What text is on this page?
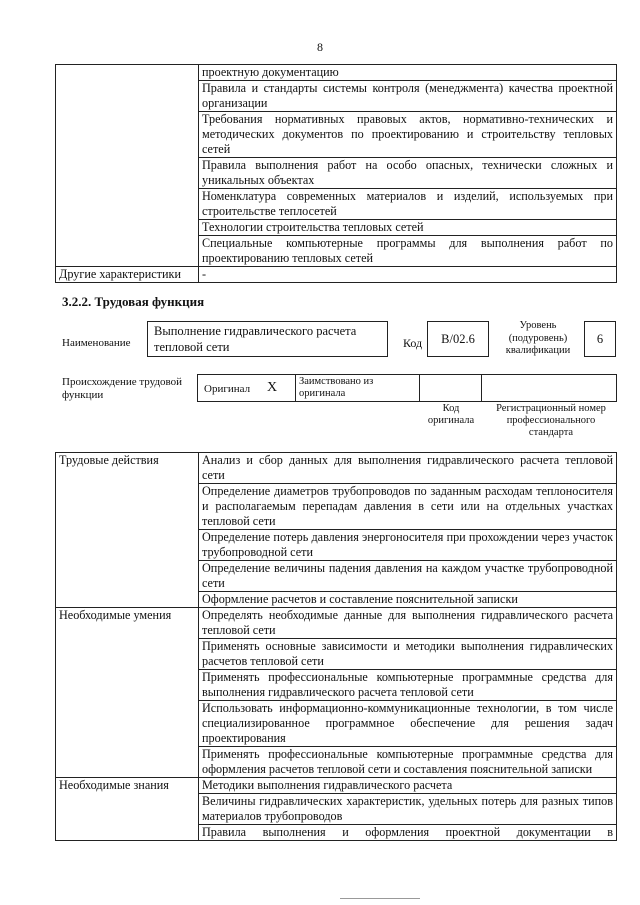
8
	проектную документацию
	Правила и стандарты системы контроля (менеджмента) качества проектной организации
	Требования нормативных правовых актов, нормативно-технических и методических документов по проектированию и строительству тепловых сетей
	Правила выполнения работ на особо опасных, технически сложных и уникальных объектах
	Номенклатура современных материалов и изделий, используемых при строительстве теплосетей
	Технологии строительства тепловых сетей
	Специальные компьютерные программы для выполнения работ по проектированию тепловых сетей
Другие характеристики	-
3.2.2. Трудовая функция
Наименование
Выполнение гидравлического расчета тепловой сети	Код	B/02.6
Уровень (подуровень) квалификации
6
Происхождение трудовой функции	Оригинал X Заимствовано из оригинала
Код оригинала
Регистрационный номер профессионального стандарта
Трудовые действия	Анализ и сбор данных для выполнения гидравлического расчета тепловой сети
	Определение диаметров трубопроводов по заданным расходам теплоносителя и располагаемым перепадам давления в сети или на отдельных участках тепловой сети
	Определение потерь давления энергоносителя при прохождении через участок трубопроводной сети
	Определение величины падения давления на каждом участке трубопроводной сети
	Оформление расчетов и составление пояснительной записки
Необходимые умения	Определять необходимые данные для выполнения гидравлического расчета тепловой сети
	Применять основные зависимости и методики выполнения гидравлических расчетов тепловой сети
	Применять профессиональные компьютерные программные средства для выполнения гидравлического расчета тепловой сети
	Использовать информационно-коммуникационные технологии, в том числе специализированное программное обеспечение для решения задач проектирования
	Применять профессиональные компьютерные программные средства для оформления расчетов тепловой сети и составления пояснительной записки
Необходимые знания	Методики выполнения гидравлического расчета
	Величины гидравлических характеристик, удельных потерь для разных типов материалов трубопроводов
	Правила выполнения и оформления проектной документации в
